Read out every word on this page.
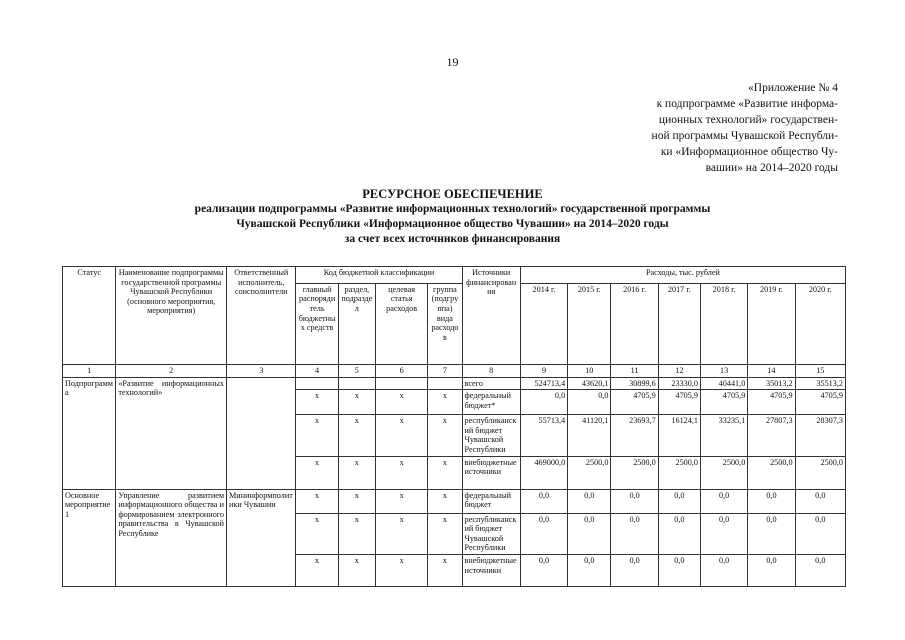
19
«Приложение № 4
к подпрограмме «Развитие информа-
ционных технологий» государствен-
ной программы Чувашской Республи-
ки «Информационное общество Чу-
вашии» на 2014–2020 годы
РЕСУРСНОЕ ОБЕСПЕЧЕНИЕ
реализации подпрограммы «Развитие информационных технологий» государственной программы
Чувашской Республики «Информационное общество Чувашии» на 2014–2020 годы
за счет всех источников финансирования
Статус	Наименование подпрограммы государственной программы Чувашской Республики (основного мероприятия, мероприятия)	Ответственный исполнитель, соисполнители	Код бюджетной классификации				Источники финансирования	Расходы, тыс. рублей						
			главный распорядитель бюджетных средств	раздел, подраздел	целевая статья расходов	группа (подгруппа) вида расходов		2014 г.	2015 г.	2016 г.	2017 г.	2018 г.	2019 г.	2020 г.
1	2	3	4	5	6	7	8	9	10	11	12	13	14	15
Подпрограмма	«Развитие информационных технологий»						всего	524713,4	43620,1	30899,6	23330,0	40441,0	35013,2	35513,2
			х	х	х	х	федеральный бюджет*	0,0	0,0	4705,9	4705,9	4705,9	4705,9	4705,9
			х	х	х	х	республиканский бюджет Чувашской Республики	55713,4	41120,1	23693,7	16124,1	33235,1	27807,3	28307,3
			х	х	х	х	внебюджетные источники	469000,0	2500,0	2500,0	2500,0	2500,0	2500,0	2500,0
Основное мероприятие 1	Управление развитием информационного общества и формированием электронного правительства в Чувашской Республике	Мининформполитики Чувашии	х	х	х	х	федеральный бюджет	0,0	0,0	0,0	0,0	0,0	0,0	0,0
			х	х	х	х	республиканский бюджет Чувашской Республики	0,0	0,0	0,0	0,0	0,0	0,0	0,0
			х	х	х	х	внебюджетные источники	0,0	0,0	0,0	0,0	0,0	0,0	0,0
